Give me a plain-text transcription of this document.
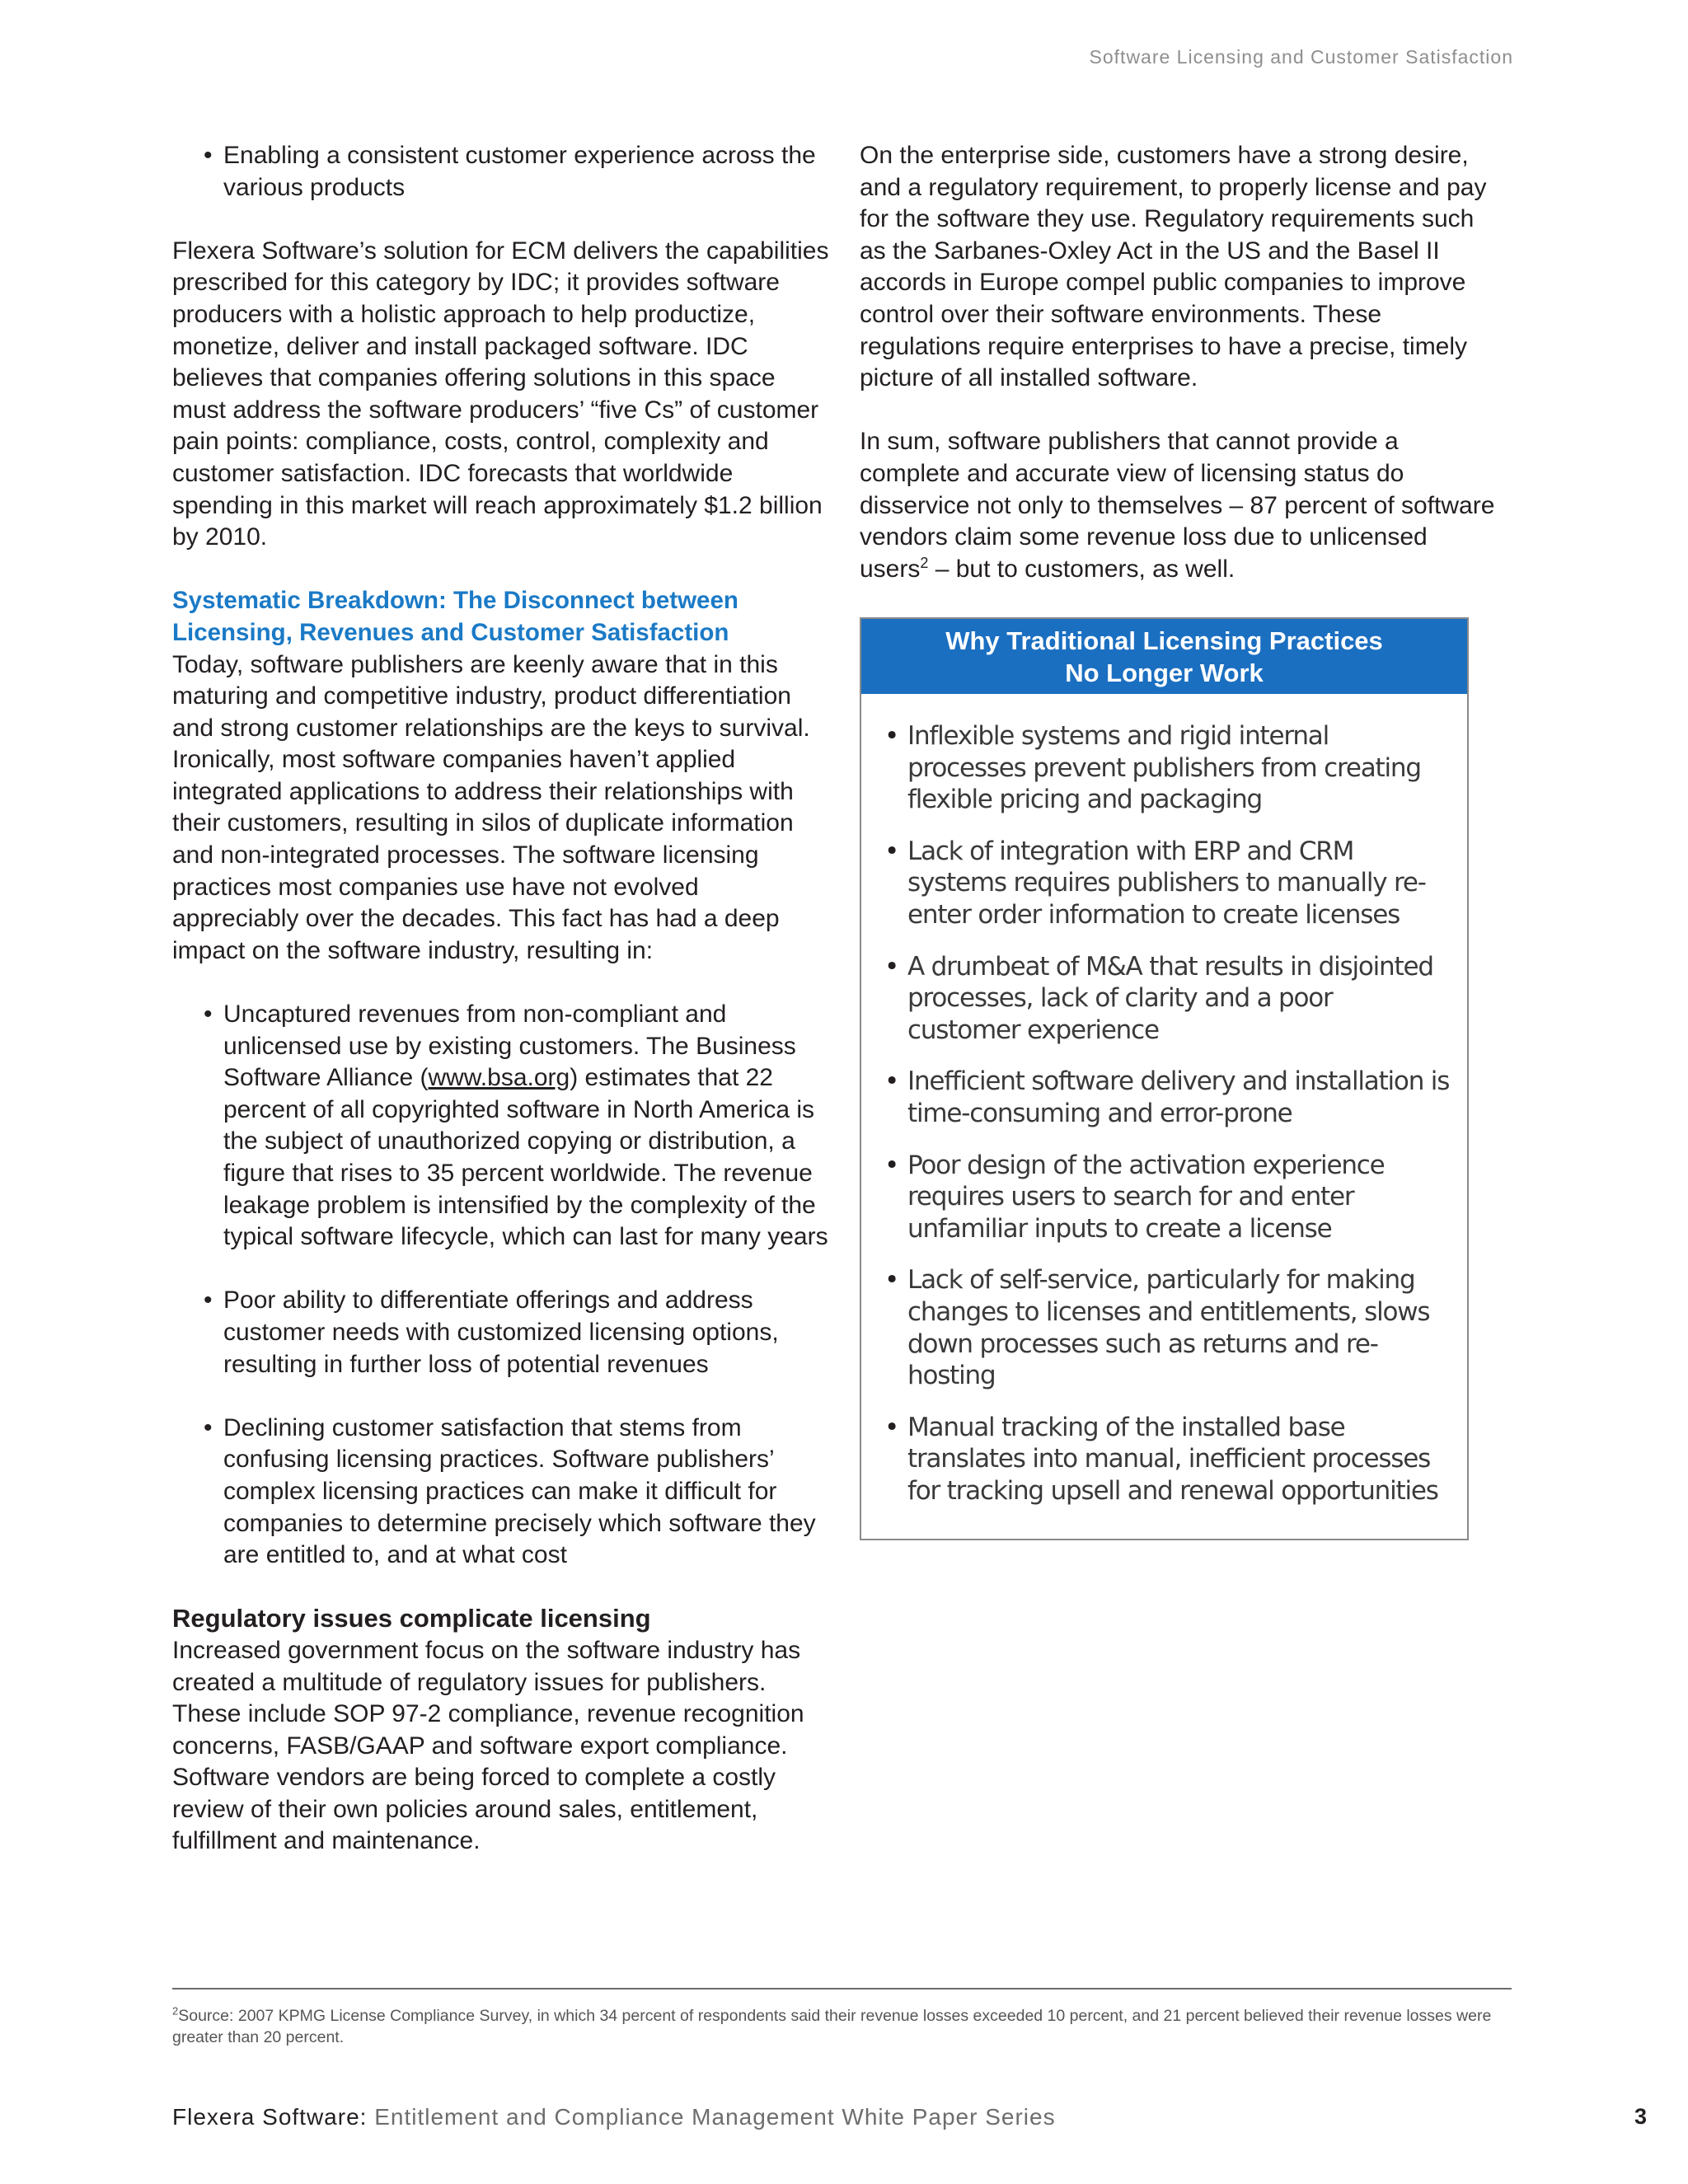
Software Licensing and Customer Satisfaction
• Enabling a consistent customer experience across the various products

Flexera Software’s solution for ECM delivers the capabilities prescribed for this category by IDC; it provides software producers with a holistic approach to help productize, monetize, deliver and install packaged software. IDC believes that companies offering solutions in this space must address the software producers’ “five Cs” of customer pain points: compliance, costs, control, complexity and customer satisfaction. IDC forecasts that worldwide spending in this market will reach approximately $1.2 billion by 2010.

Systematic Breakdown: The Disconnect between Licensing, Revenues and Customer Satisfaction

Today, software publishers are keenly aware that in this maturing and competitive industry, product differentiation and strong customer relationships are the keys to survival. Ironically, most software companies haven’t applied integrated applications to address their relationships with their customers, resulting in silos of duplicate information and non-integrated processes. The software licensing practices most companies use have not evolved appreciably over the decades. This fact has had a deep impact on the software industry, resulting in:

• Uncaptured revenues from non-compliant and unlicensed use by existing customers. The Business Software Alliance (www.bsa.org) estimates that 22 percent of all copyrighted software in North America is the subject of unauthorized copying or distribution, a figure that rises to 35 percent worldwide. The revenue leakage problem is intensified by the complexity of the typical software lifecycle, which can last for many years
• Poor ability to differentiate offerings and address customer needs with customized licensing options, resulting in further loss of potential revenues
• Declining customer satisfaction that stems from confusing licensing practices. Software publishers’ complex licensing practices can make it difficult for companies to determine precisely which software they are entitled to, and at what cost
Regulatory issues complicate licensing

Increased government focus on the software industry has created a multitude of regulatory issues for publishers. These include SOP 97-2 compliance, revenue recognition concerns, FASB/GAAP and software export compliance. Software vendors are being forced to complete a costly review of their own policies around sales, entitlement, fulfillment and maintenance.

On the enterprise side, customers have a strong desire, and a regulatory requirement, to properly license and pay for the software they use. Regulatory requirements such as the Sarbanes-Oxley Act in the US and the Basel II accords in Europe compel public companies to improve control over their software environments. These regulations require enterprises to have a precise, timely picture of all installed software.

In sum, software publishers that cannot provide a complete and accurate view of licensing status do disservice not only to themselves – 87 percent of software vendors claim some revenue loss due to unlicensed users$^2$ – but to customers, as well.

Why Traditional Licensing Practices
No Longer Work
• Inflexible systems and rigid internal processes prevent publishers from creating flexible pricing and packaging
• Lack of integration with ERP and CRM systems requires publishers to manually re-enter order information to create licenses
• A drumbeat of M&A that results in disjointed processes, lack of clarity and a poor customer experience
• Inefficient software delivery and installation is time-consuming and error-prone
• Poor design of the activation experience requires users to search for and enter unfamiliar inputs to create a license
• Lack of self-service, particularly for making changes to licenses and entitlements, slows down processes such as returns and re-hosting
• Manual tracking of the installed base translates into manual, inefficient processes for tracking upsell and renewal opportunities
$^2$Source: 2007 KPMG License Compliance Survey, in which 34 percent of respondents said their revenue losses exceeded 10 percent, and 21 percent believed their revenue losses were greater than 20 percent.
Flexera Software: Entitlement and Compliance Management White Paper Series	3
